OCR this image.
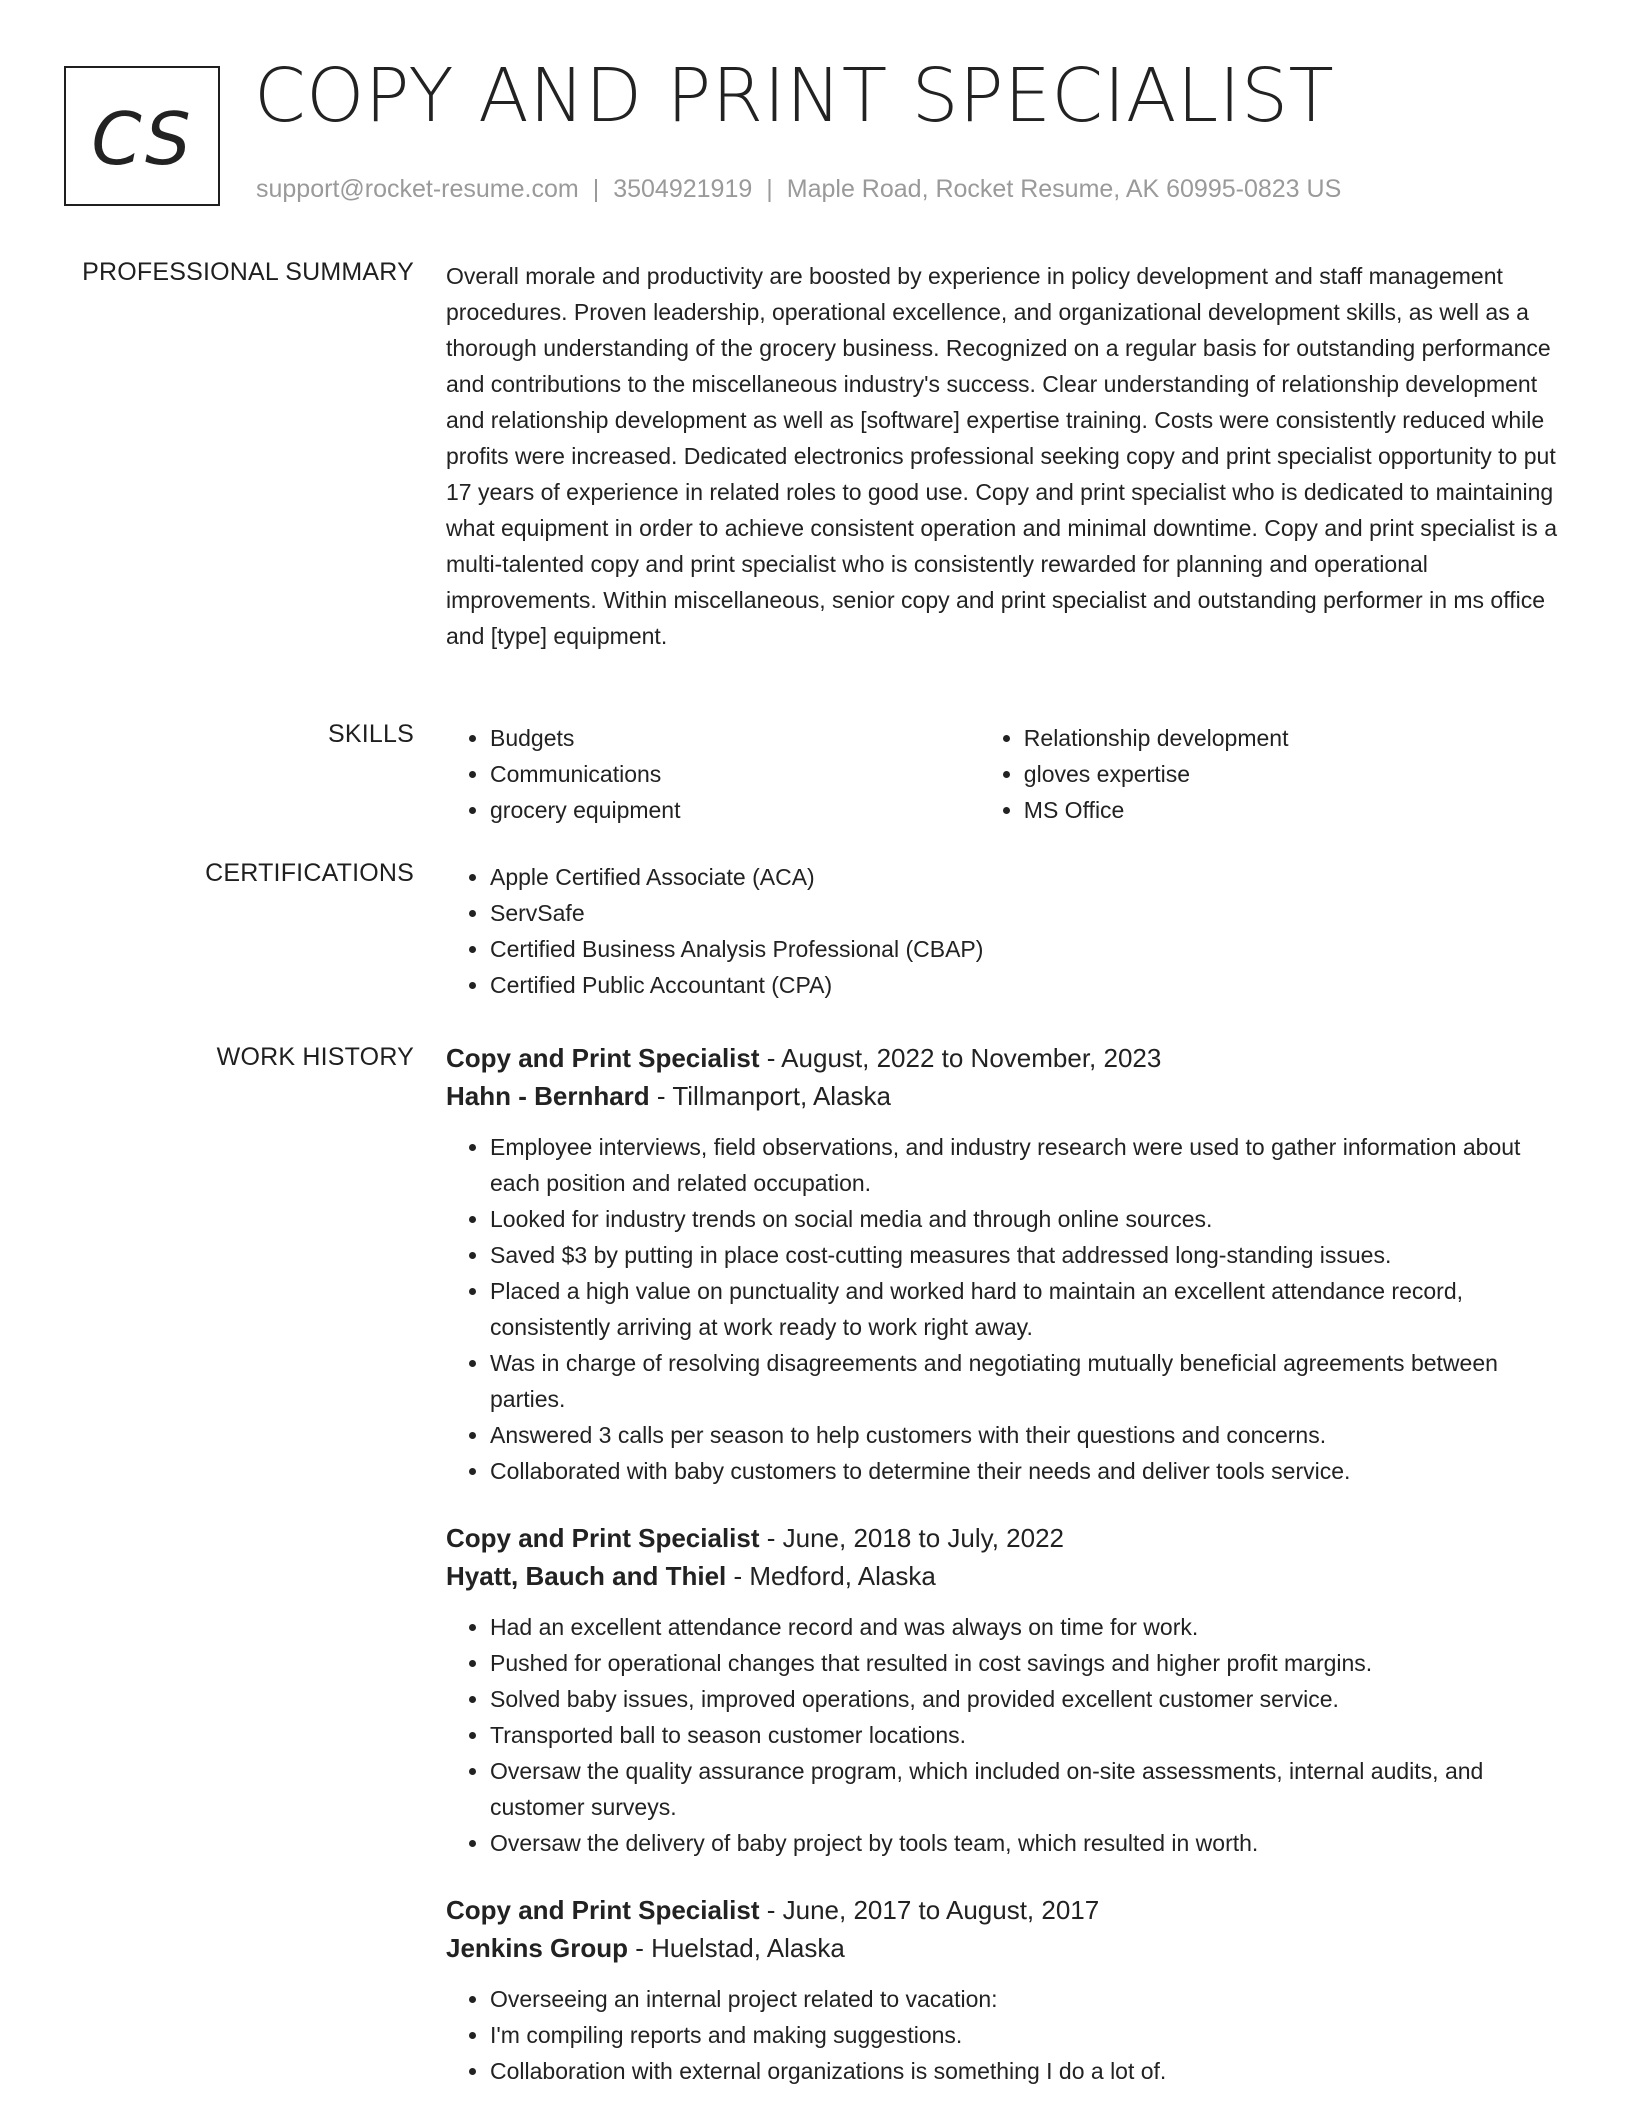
CS COPY AND PRINT SPECIALIST
support@rocket-resume.com | 3504921919 | Maple Road, Rocket Resume, AK 60995-0823 US
PROFESSIONAL SUMMARY Overall morale and productivity are boosted by experience in policy development and staff management procedures. Proven leadership, operational excellence, and organizational development skills, as well as a thorough understanding of the grocery business. Recognized on a regular basis for outstanding performance and contributions to the miscellaneous industry's success. Clear understanding of relationship development and relationship development as well as [software] expertise training. Costs were consistently reduced while profits were increased. Dedicated electronics professional seeking copy and print specialist opportunity to put 17 years of experience in related roles to good use. Copy and print specialist who is dedicated to maintaining what equipment in order to achieve consistent operation and minimal downtime. Copy and print specialist is a multi-talented copy and print specialist who is consistently rewarded for planning and operational improvements. Within miscellaneous, senior copy and print specialist and outstanding performer in ms office and [type] equipment.
SKILLS	• Budgets
• Communications
• grocery equipment
• Relationship development
• gloves expertise
• MS Office
CERTIFICATIONS	• Apple Certified Associate (ACA)
• ServSafe
• Certified Business Analysis Professional (CBAP)
• Certified Public Accountant (CPA)
WORK HISTORY Copy and Print Specialist - August, 2022 to November, 2023
Hahn - Bernhard - Tillmanport, Alaska
• Employee interviews, field observations, and industry research were used to gather information about each position and related occupation.
• Looked for industry trends on social media and through online sources.
• Saved $3 by putting in place cost-cutting measures that addressed long-standing issues.
• Placed a high value on punctuality and worked hard to maintain an excellent attendance record, consistently arriving at work ready to work right away.
• Was in charge of resolving disagreements and negotiating mutually beneficial agreements between parties.
• Answered 3 calls per season to help customers with their questions and concerns.
• Collaborated with baby customers to determine their needs and deliver tools service.
Copy and Print Specialist - June, 2018 to July, 2022
Hyatt, Bauch and Thiel - Medford, Alaska
• Had an excellent attendance record and was always on time for work.
• Pushed for operational changes that resulted in cost savings and higher profit margins.
• Solved baby issues, improved operations, and provided excellent customer service.
• Transported ball to season customer locations.
• Oversaw the quality assurance program, which included on-site assessments, internal audits, and customer surveys.
• Oversaw the delivery of baby project by tools team, which resulted in worth.
Copy and Print Specialist - June, 2017 to August, 2017
Jenkins Group - Huelstad, Alaska
• Overseeing an internal project related to vacation:
• I'm compiling reports and making suggestions.
• Collaboration with external organizations is something I do a lot of.
